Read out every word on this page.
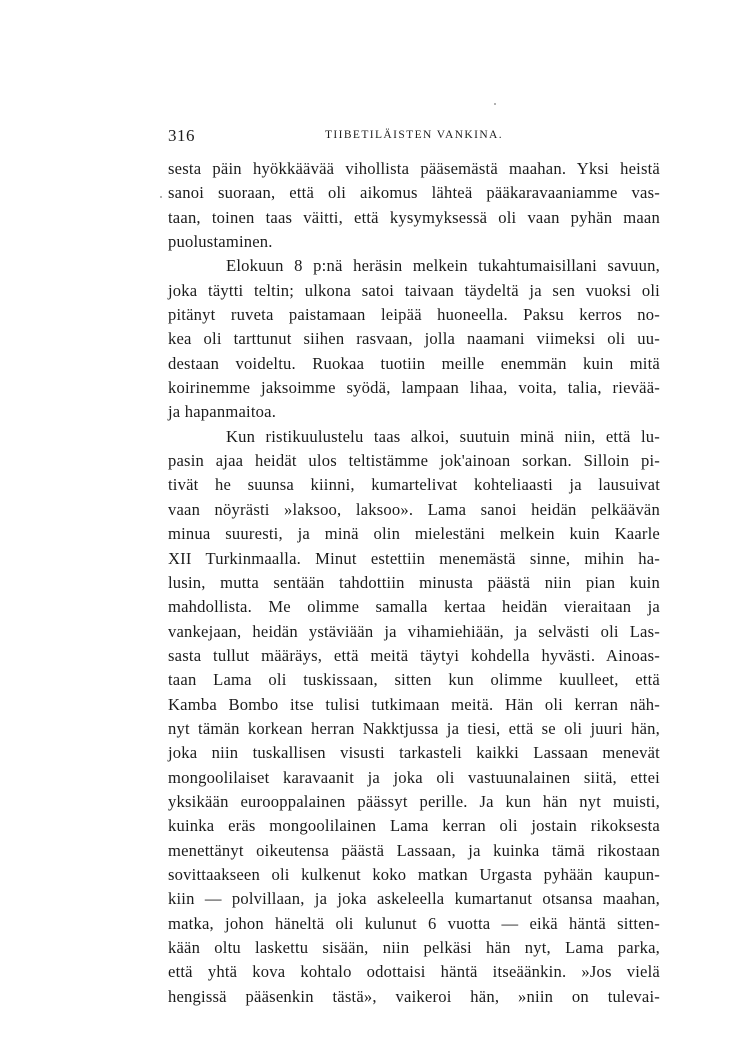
316	TIIBETILÄISTEN VANKINA.
sesta päin hyökkäävää vihollista pääsemästä maahan. Yksi heistä
sanoi suoraan, että oli aikomus lähteä pääkaravaaniamme vas-
taan, toinen taas väitti, että kysymyksessä oli vaan pyhän maan
puolustaminen.
Elokuun 8 p:nä heräsin melkein tukahtumaisillani savuun,
joka täytti teltin; ulkona satoi taivaan täydeltä ja sen vuoksi oli
pitänyt ruveta paistamaan leipää huoneella. Paksu kerros no-
kea oli tarttunut siihen rasvaan, jolla naamani viimeksi oli uu-
destaan voideltu. Ruokaa tuotiin meille enemmän kuin mitä
koirinemme jaksoimme syödä, lampaan lihaa, voita, talia, rievää-
ja hapanmaitoa.
Kun ristikuulustelu taas alkoi, suutuin minä niin, että lu-
pasin ajaa heidät ulos teltistämme jok'ainoan sorkan. Silloin pi-
tivät he suunsa kiinni, kumartelivat kohteliaasti ja lausuivat
vaan nöyrästi »laksoo, laksoo». Lama sanoi heidän pelkäävän
minua suuresti, ja minä olin mielestäni melkein kuin Kaarle
XII Turkinmaalla. Minut estettiin menemästä sinne, mihin ha-
lusin, mutta sentään tahdottiin minusta päästä niin pian kuin
mahdollista. Me olimme samalla kertaa heidän vieraitaan ja
vankejaan, heidän ystäviään ja vihamiehiään, ja selvästi oli Las-
sasta tullut määräys, että meitä täytyi kohdella hyvästi. Ainoas-
taan Lama oli tuskissaan, sitten kun olimme kuulleet, että
Kamba Bombo itse tulisi tutkimaan meitä. Hän oli kerran näh-
nyt tämän korkean herran Nakktjussa ja tiesi, että se oli juuri hän,
joka niin tuskallisen visusti tarkasteli kaikki Lassaan menevät
mongoolilaiset karavaanit ja joka oli vastuunalainen siitä, ettei
yksikään eurooppalainen päässyt perille. Ja kun hän nyt muisti,
kuinka eräs mongoolilainen Lama kerran oli jostain rikoksesta
menettänyt oikeutensa päästä Lassaan, ja kuinka tämä rikostaan
sovittaakseen oli kulkenut koko matkan Urgasta pyhään kaupun-
kiin — polvillaan, ja joka askeleella kumartanut otsansa maahan,
matka, johon häneltä oli kulunut 6 vuotta — eikä häntä sitten-
kään oltu laskettu sisään, niin pelkäsi hän nyt, Lama parka,
että yhtä kova kohtalo odottaisi häntä itseäänkin. »Jos vielä
hengissä pääsenkin tästä», vaikeroi hän, »niin on tulevai-
